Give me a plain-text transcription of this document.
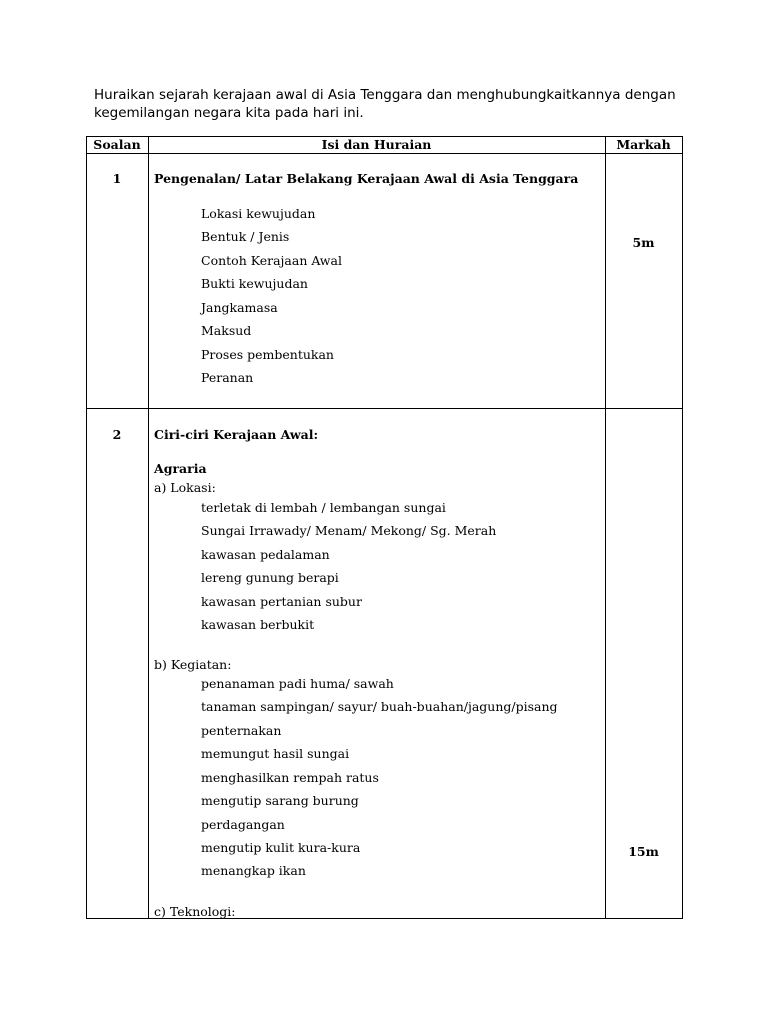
Huraikan sejarah kerajaan awal di Asia Tenggara dan menghubungkaitkannya dengan kegemilangan negara kita pada hari ini.

Soalan	Isi dan Huraian	Markah
1	Pengenalan/ Latar Belakang Kerajaan Awal di Asia Tenggara
Lokasi kewujudan
Bentuk / Jenis
Contoh Kerajaan Awal
Bukti kewujudan
Jangkamasa
Maksud
Proses pembentukan
Peranan
5m
2	Ciri-ciri Kerajaan Awal:
Agraria
a) Lokasi:
terletak di lembah / lembangan sungai
Sungai Irrawady/ Menam/ Mekong/ Sg. Merah
kawasan pedalaman
lereng gunung berapi
kawasan pertanian subur
kawasan berbukit
b) Kegiatan:
penanaman padi huma/ sawah
tanaman sampingan/ sayur/ buah-buahan/jagung/pisang
penternakan
memungut hasil sungai
menghasilkan rempah ratus
mengutip sarang burung
perdagangan
mengutip kulit kura-kura
menangkap ikan
c) Teknologi:
15m
